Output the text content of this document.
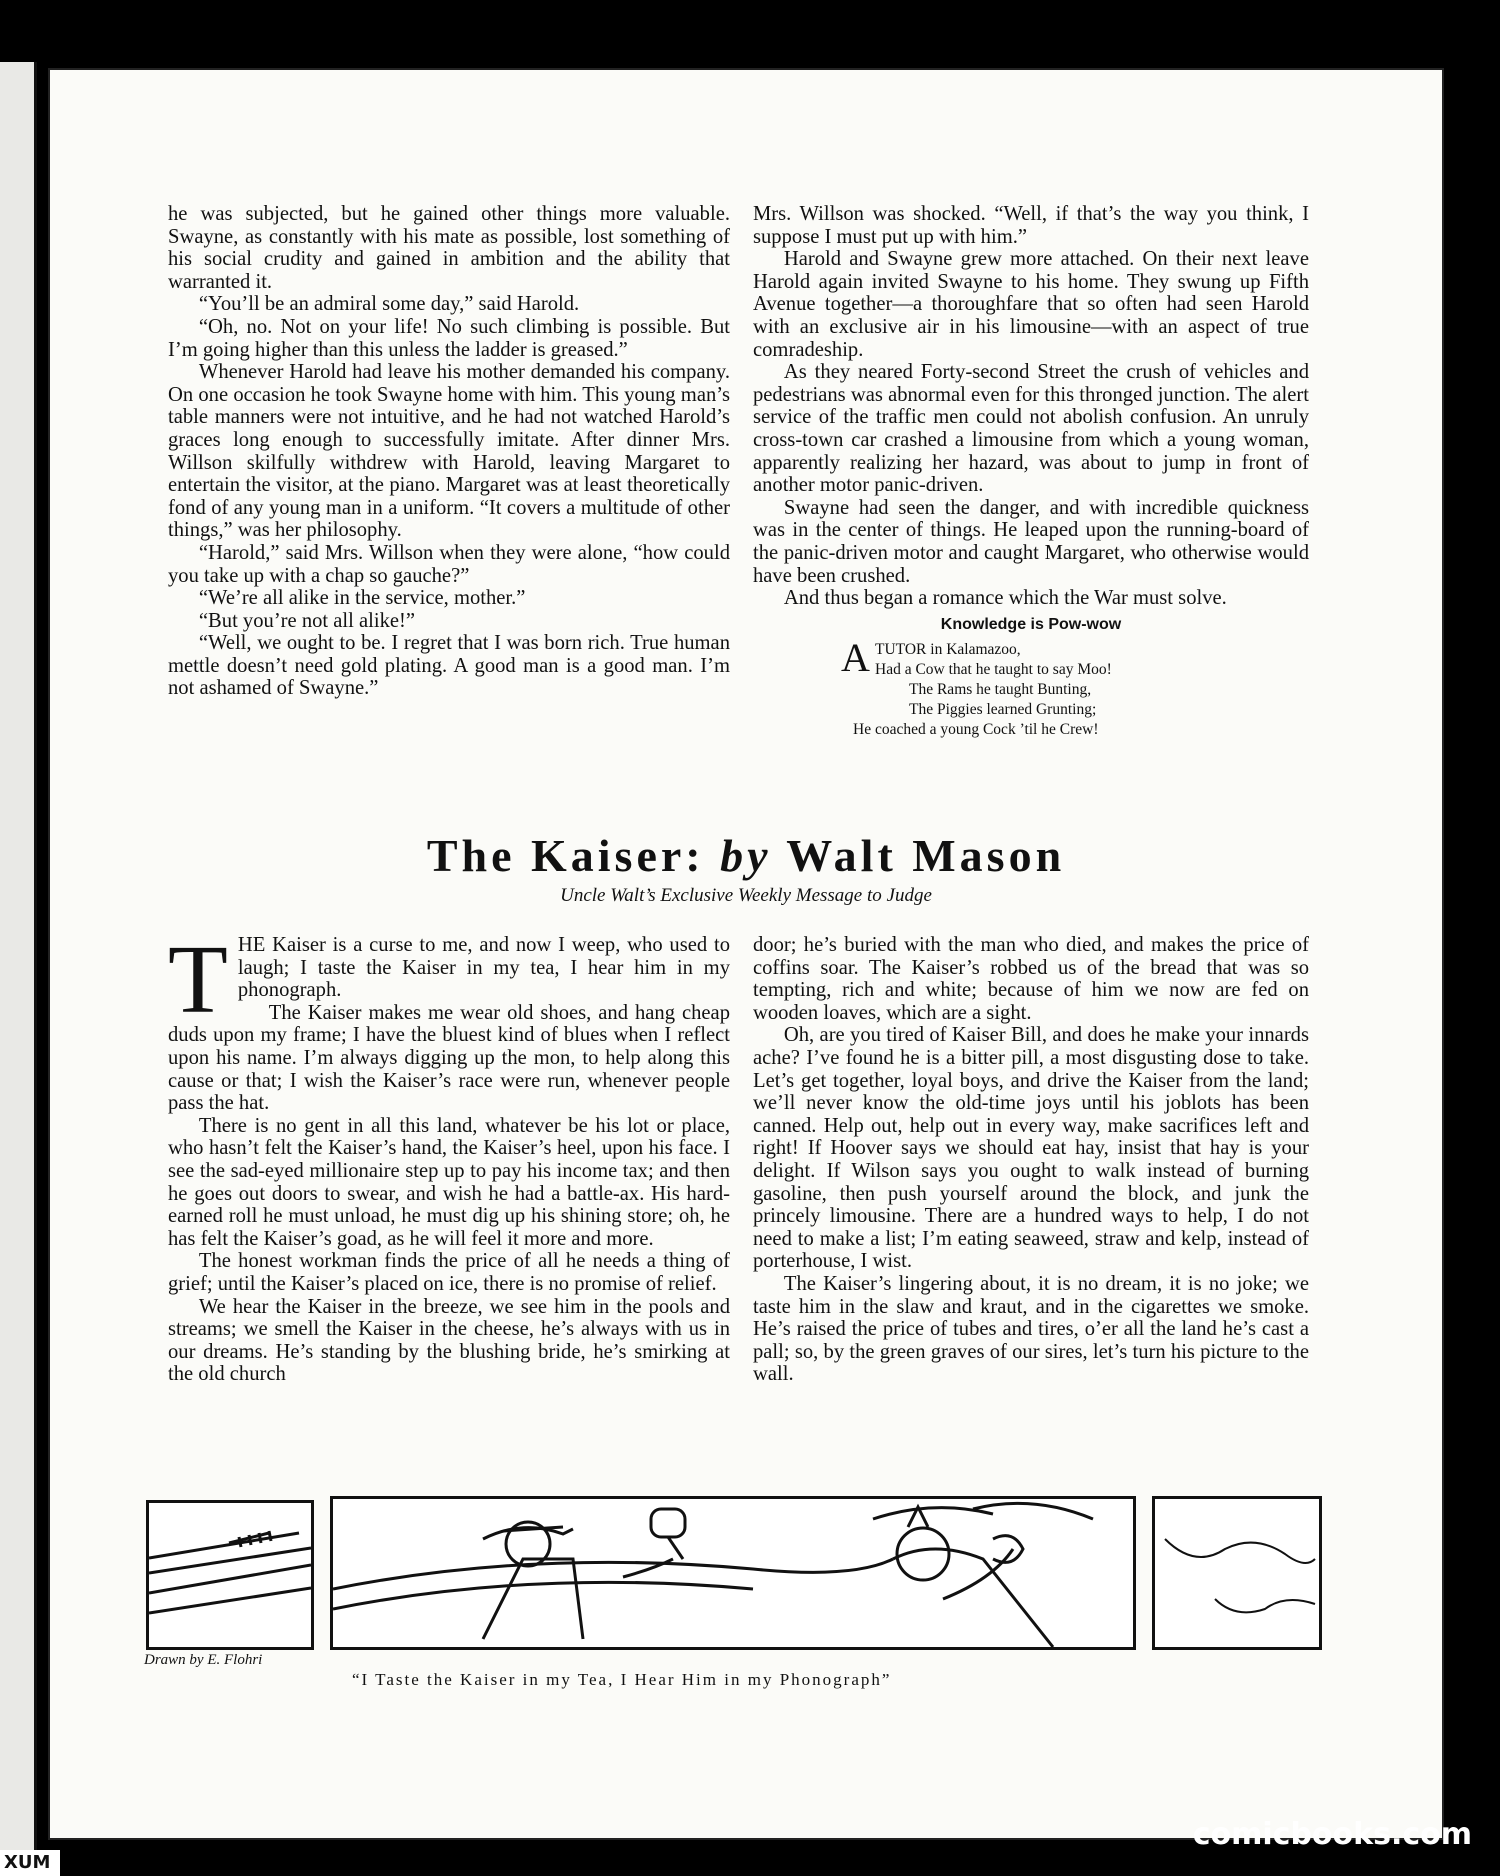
he was subjected, but he gained other things more valuable. Swayne, as constantly with his mate as possible, lost something of his social crudity and gained in ambition and the ability that warranted it.

“You’ll be an admiral some day,” said Harold.

“Oh, no. Not on your life! No such climbing is possible. But I’m going higher than this unless the ladder is greased.”

Whenever Harold had leave his mother demanded his company. On one occasion he took Swayne home with him. This young man’s table manners were not intuitive, and he had not watched Harold’s graces long enough to successfully imitate. After dinner Mrs. Willson skilfully withdrew with Harold, leaving Margaret to entertain the visitor, at the piano. Margaret was at least theoretically fond of any young man in a uniform. “It covers a multitude of other things,” was her philosophy.

“Harold,” said Mrs. Willson when they were alone, “how could you take up with a chap so gauche?”

“We’re all alike in the service, mother.”

“But you’re not all alike!”

“Well, we ought to be. I regret that I was born rich. True human mettle doesn’t need gold plating. A good man is a good man. I’m not ashamed of Swayne.”

Mrs. Willson was shocked. “Well, if that’s the way you think, I suppose I must put up with him.”

Harold and Swayne grew more attached. On their next leave Harold again invited Swayne to his home. They swung up Fifth Avenue together—a thoroughfare that so often had seen Harold with an exclusive air in his limousine—with an aspect of true comradeship.

As they neared Forty-second Street the crush of vehicles and pedestrians was abnormal even for this thronged junction. The alert service of the traffic men could not abolish confusion. An unruly cross-town car crashed a limousine from which a young woman, apparently realizing her hazard, was about to jump in front of another motor panic-driven.

Swayne had seen the danger, and with incredible quickness was in the center of things. He leaped upon the running-board of the panic-driven motor and caught Margaret, who otherwise would have been crushed.

And thus began a romance which the War must solve.

Knowledge is Pow-wow
A TUTOR in Kalamazoo,
Had a Cow that he taught to say Moo!
The Rams he taught Bunting,
The Piggies learned Grunting;
He coached a young Cock ’til he Crew!
The Kaiser: by Walt Mason
Uncle Walt’s Exclusive Weekly Message to Judge

THE Kaiser is a curse to me, and now I weep, who used to laugh; I taste the Kaiser in my tea, I hear him in my phonograph.

The Kaiser makes me wear old shoes, and hang cheap duds upon my frame; I have the bluest kind of blues when I reflect upon his name. I’m always digging up the mon, to help along this cause or that; I wish the Kaiser’s race were run, whenever people pass the hat.

There is no gent in all this land, whatever be his lot or place, who hasn’t felt the Kaiser’s hand, the Kaiser’s heel, upon his face. I see the sad-eyed millionaire step up to pay his income tax; and then he goes out doors to swear, and wish he had a battle-ax. His hard-earned roll he must unload, he must dig up his shining store; oh, he has felt the Kaiser’s goad, as he will feel it more and more.

The honest workman finds the price of all he needs a thing of grief; until the Kaiser’s placed on ice, there is no promise of relief.

We hear the Kaiser in the breeze, we see him in the pools and streams; we smell the Kaiser in the cheese, he’s always with us in our dreams. He’s standing by the blushing bride, he’s smirking at the old church

door; he’s buried with the man who died, and makes the price of coffins soar. The Kaiser’s robbed us of the bread that was so tempting, rich and white; because of him we now are fed on wooden loaves, which are a sight.

Oh, are you tired of Kaiser Bill, and does he make your innards ache? I’ve found he is a bitter pill, a most disgusting dose to take. Let’s get together, loyal boys, and drive the Kaiser from the land; we’ll never know the old-time joys until his joblots has been canned. Help out, help out in every way, make sacrifices left and right! If Hoover says we should eat hay, insist that hay is your delight. If Wilson says you ought to walk instead of burning gasoline, then push yourself around the block, and junk the princely limousine. There are a hundred ways to help, I do not need to make a list; I’m eating seaweed, straw and kelp, instead of porterhouse, I wist.

The Kaiser’s lingering about, it is no dream, it is no joke; we taste him in the slaw and kraut, and in the cigarettes we smoke. He’s raised the price of tubes and tires, o’er all the land he’s cast a pall; so, by the green graves of our sires, let’s turn his picture to the wall.

Drawn by E. Flohri
“I Taste the Kaiser in my Tea, I Hear Him in my Phonograph”
comicbooks.com
XUM
